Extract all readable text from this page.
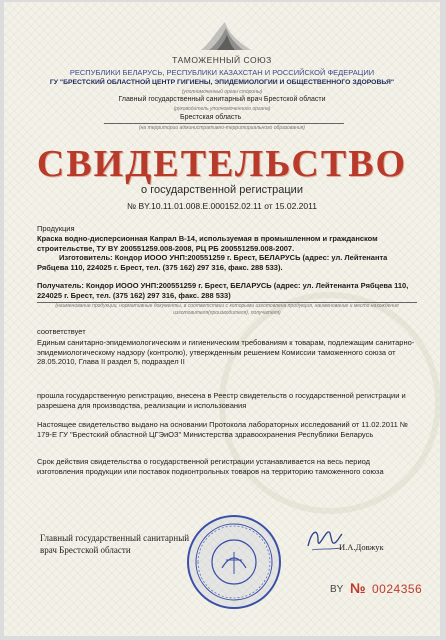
ТАМОЖЕННЫЙ СОЮЗ
РЕСПУБЛИКИ БЕЛАРУСЬ, РЕСПУБЛИКИ КАЗАХСТАН И РОССИЙСКОЙ ФЕДЕРАЦИИ
ГУ "БРЕСТСКИЙ ОБЛАСТНОЙ ЦЕНТР ГИГИЕНЫ, ЭПИДЕМИОЛОГИИ И ОБЩЕСТВЕННОГО ЗДОРОВЬЯ"
(уполномоченный орган стороны)
Главный государственный санитарный врач Брестской области
(руководитель уполномоченного органа)
Брестская область
(на территории административно-территориального образования)
СВИДЕТЕЛЬСТВО
о государственной регистрации
№ BY.10.11.01.008.Е.000152.02.11 от 15.02.2011
Продукция
Краска водно-дисперсионная Капрал В-14, используемая в промышленном и гражданском строительстве, ТУ BY 200551259.008-2008, РЦ РБ 200551259.008-2007.
Изготовитель: Кондор ИООО УНП:200551259 г. Брест, БЕЛАРУСЬ (адрес: ул. Лейтенанта Рябцева 110, 224025 г. Брест, тел. (375 162) 297 316, факс. 288 533).
Получатель: Кондор ИООО УНП:200551259 г. Брест, БЕЛАРУСЬ (адрес: ул. Лейтенанта Рябцева 110, 224025 г. Брест, тел. (375 162) 297 316, факс. 288 533)
(наименование продукции, нормативные документы, в соответствии с которыми изготовлена продукция, наименование и место нахождения изготовителя(производителя), получателя)
соответствует
Единым санитарно-эпидемиологическим и гигиеническим требованиям к товарам, подлежащим санитарно-эпидемиологическому надзору (контролю), утвержденным решением Комиссии таможенного союза от 28.05.2010, Глава II раздел 5, подраздел II
прошла государственную регистрацию, внесена в Реестр свидетельств о государственной регистрации и разрешена для производства, реализации и использования
Настоящее свидетельство выдано на основании Протокола лабораторных исследований от 11.02.2011 № 179-Е ГУ "Брестский областной ЦГЭиОЗ" Министерства здравоохранения Республики Беларусь
Срок действия свидетельства о государственной регистрации устанавливается на весь период изготовления продукции или поставок подконтрольных товаров на территорию таможенного союза
Главный государственный санитарный
врач Брестской области	И.А.Довжук
BY № 0024356
